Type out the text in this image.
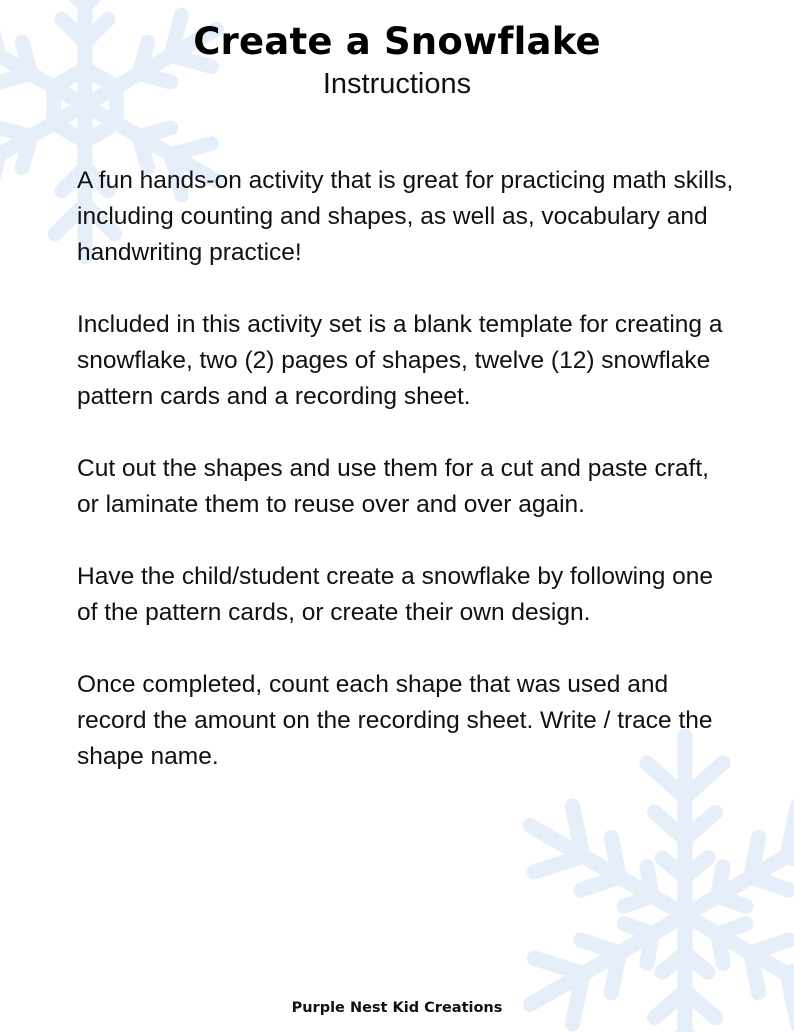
Create a Snowflake
Instructions

A fun hands-on activity that is great for practicing math skills, including counting and shapes, as well as, vocabulary and handwriting practice!

Included in this activity set is a blank template for creating a snowflake, two (2) pages of shapes, twelve (12) snowflake pattern cards and a recording sheet.

Cut out the shapes and use them for a cut and paste craft, or laminate them to reuse over and over again.

Have the child/student create a snowflake by following one of the pattern cards, or create their own design.

Once completed, count each shape that was used and record the amount on the recording sheet. Write / trace the shape name.

Purple Nest Kid Creations
